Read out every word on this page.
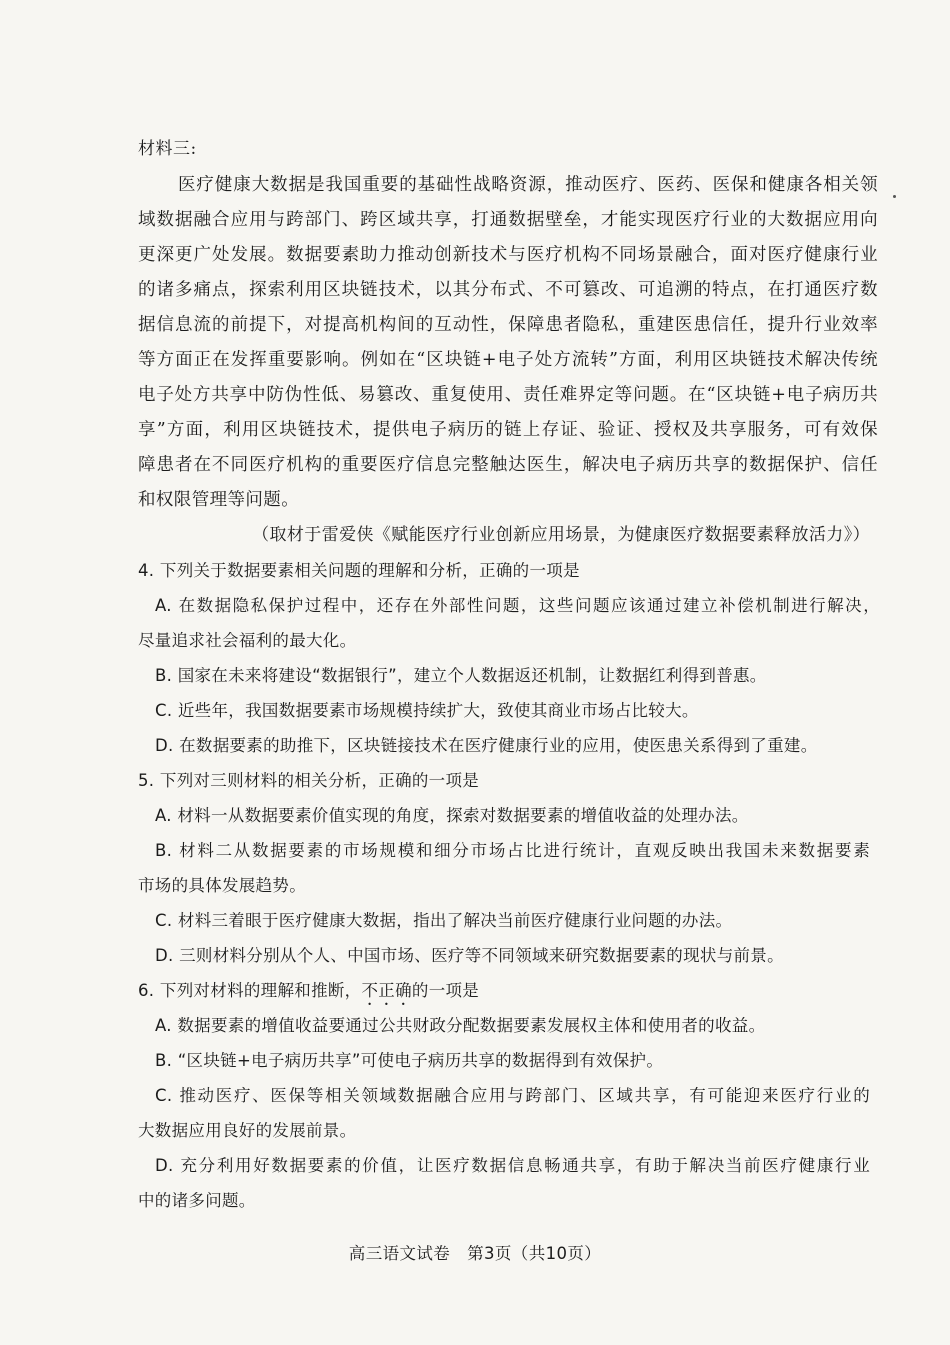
材料三:
医疗健康大数据是我国重要的基础性战略资源，推动医疗、医药、医保和健康各相关领
域数据融合应用与跨部门、跨区域共享，打通数据壁垒，才能实现医疗行业的大数据应用向
更深更广处发展。数据要素助力推动创新技术与医疗机构不同场景融合，面对医疗健康行业
的诸多痛点，探索利用区块链技术，以其分布式、不可篡改、可追溯的特点，在打通医疗数
据信息流的前提下，对提高机构间的互动性，保障患者隐私，重建医患信任，提升行业效率
等方面正在发挥重要影响。例如在“区块链+电子处方流转”方面，利用区块链技术解决传统
电子处方共享中防伪性低、易篡改、重复使用、责任难界定等问题。在“区块链+电子病历共
享”方面，利用区块链技术，提供电子病历的链上存证、验证、授权及共享服务，可有效保
障患者在不同医疗机构的重要医疗信息完整触达医生，解决电子病历共享的数据保护、信任
和权限管理等问题。
（取材于雷爱侠《赋能医疗行业创新应用场景，为健康医疗数据要素释放活力》）
4. 下列关于数据要素相关问题的理解和分析，正确的一项是
A. 在数据隐私保护过程中，还存在外部性问题，这些问题应该通过建立补偿机制进行解决，
尽量追求社会福利的最大化。
B. 国家在未来将建设“数据银行”，建立个人数据返还机制，让数据红利得到普惠。
C. 近些年，我国数据要素市场规模持续扩大，致使其商业市场占比较大。
D. 在数据要素的助推下，区块链接技术在医疗健康行业的应用，使医患关系得到了重建。
5. 下列对三则材料的相关分析，正确的一项是
A. 材料一从数据要素价值实现的角度，探索对数据要素的增值收益的处理办法。
B. 材料二从数据要素的市场规模和细分市场占比进行统计，直观反映出我国未来数据要素
市场的具体发展趋势。
C. 材料三着眼于医疗健康大数据，指出了解决当前医疗健康行业问题的办法。
D. 三则材料分别从个人、中国市场、医疗等不同领域来研究数据要素的现状与前景。
6. 下列对材料的理解和推断，不正确的一项是
A. 数据要素的增值收益要通过公共财政分配数据要素发展权主体和使用者的收益。
B. “区块链+电子病历共享”可使电子病历共享的数据得到有效保护。
C. 推动医疗、医保等相关领域数据融合应用与跨部门、区域共享，有可能迎来医疗行业的
大数据应用良好的发展前景。
D. 充分利用好数据要素的价值，让医疗数据信息畅通共享，有助于解决当前医疗健康行业
中的诸多问题。
高三语文试卷　第3页（共10页）
